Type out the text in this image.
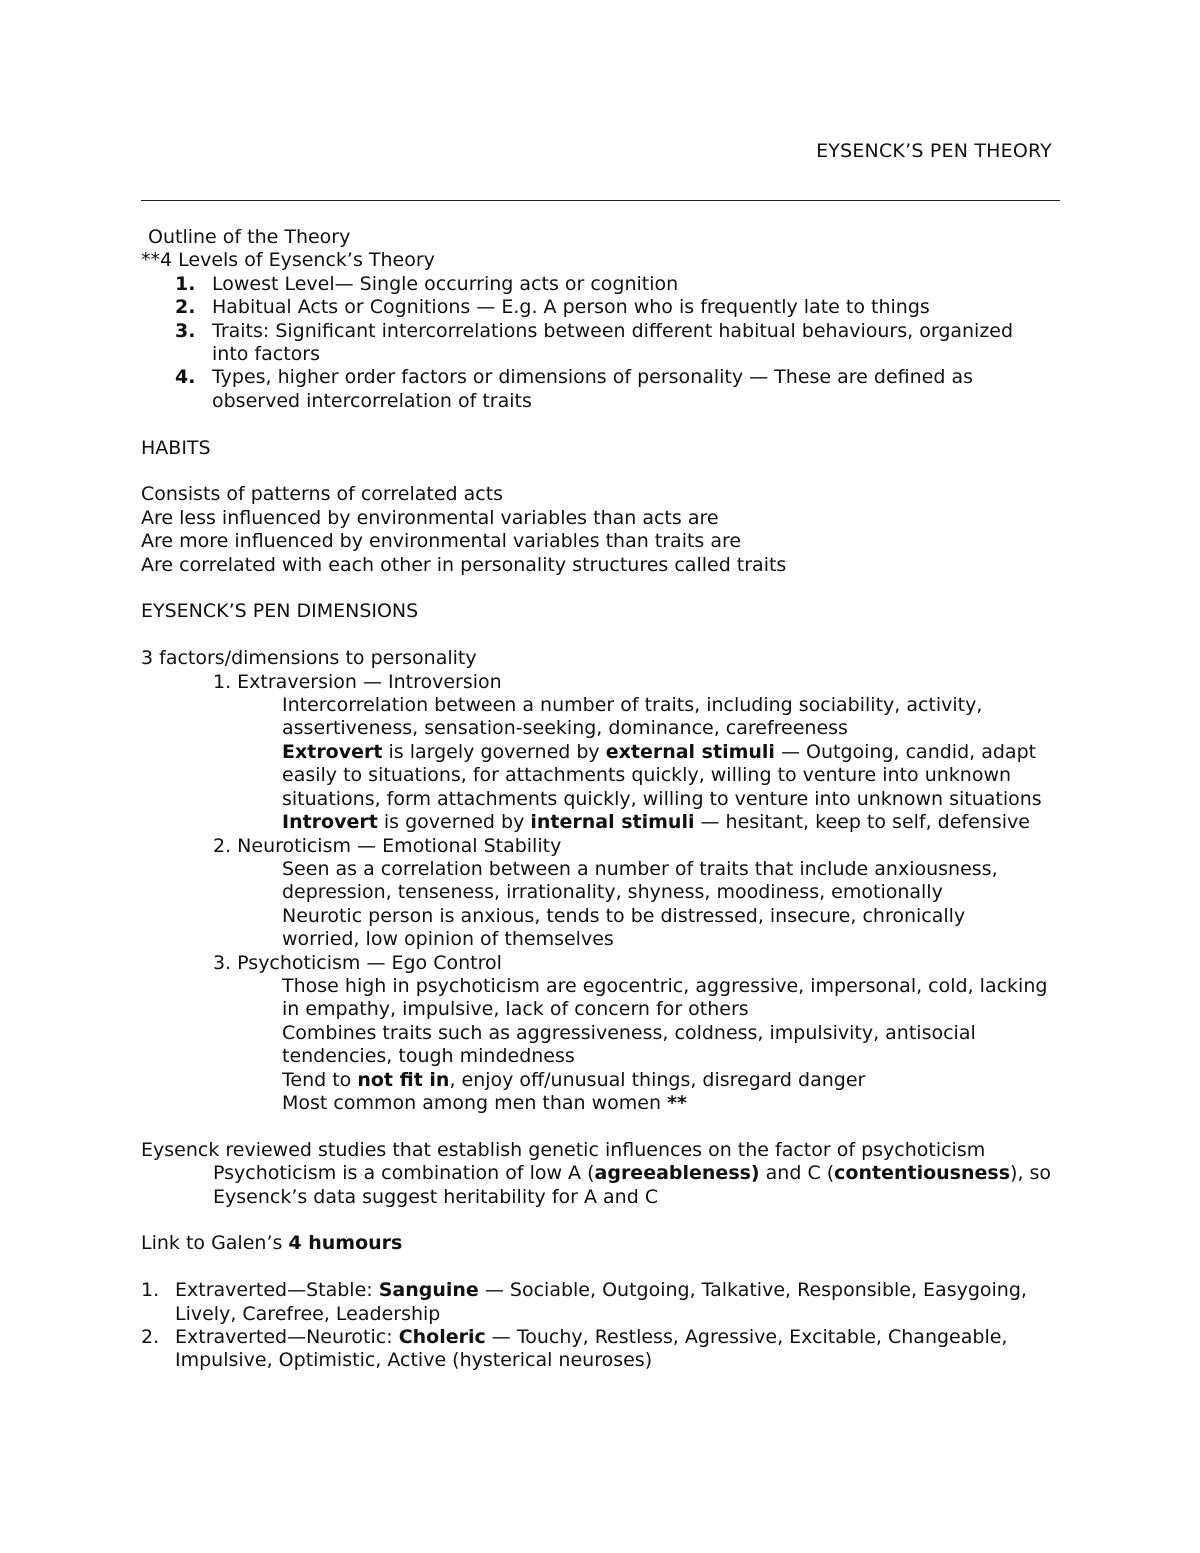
EYSENCK’S PEN THEORY
Outline of the Theory
**4 Levels of Eysenck’s Theory
1. Lowest Level— Single occurring acts or cognition
2. Habitual Acts or Cognitions — E.g. A person who is frequently late to things
3. Traits: Significant intercorrelations between different habitual behaviours, organized
into factors
4. Types, higher order factors or dimensions of personality — These are defined as
observed intercorrelation of traits
HABITS
Consists of patterns of correlated acts
Are less influenced by environmental variables than acts are
Are more influenced by environmental variables than traits are
Are correlated with each other in personality structures called traits
EYSENCK’S PEN DIMENSIONS
3 factors/dimensions to personality
1. Extraversion — Introversion
Intercorrelation between a number of traits, including sociability, activity,
assertiveness, sensation-seeking, dominance, carefreeness
Extrovert is largely governed by external stimuli — Outgoing, candid, adapt
easily to situations, for attachments quickly, willing to venture into unknown
situations, form attachments quickly, willing to venture into unknown situations
Introvert is governed by internal stimuli — hesitant, keep to self, defensive
2. Neuroticism — Emotional Stability
Seen as a correlation between a number of traits that include anxiousness,
depression, tenseness, irrationality, shyness, moodiness, emotionally
Neurotic person is anxious, tends to be distressed, insecure, chronically
worried, low opinion of themselves
3. Psychoticism — Ego Control
Those high in psychoticism are egocentric, aggressive, impersonal, cold, lacking
in empathy, impulsive, lack of concern for others
Combines traits such as aggressiveness, coldness, impulsivity, antisocial
tendencies, tough mindedness
Tend to not fit in, enjoy off/unusual things, disregard danger
Most common among men than women **
Eysenck reviewed studies that establish genetic influences on the factor of psychoticism
Psychoticism is a combination of low A (agreeableness) and C (contentiousness), so
Eysenck’s data suggest heritability for A and C
Link to Galen’s 4 humours
1. Extraverted—Stable: Sanguine — Sociable, Outgoing, Talkative, Responsible, Easygoing,
Lively, Carefree, Leadership
2. Extraverted—Neurotic: Choleric — Touchy, Restless, Agressive, Excitable, Changeable,
Impulsive, Optimistic, Active (hysterical neuroses)
